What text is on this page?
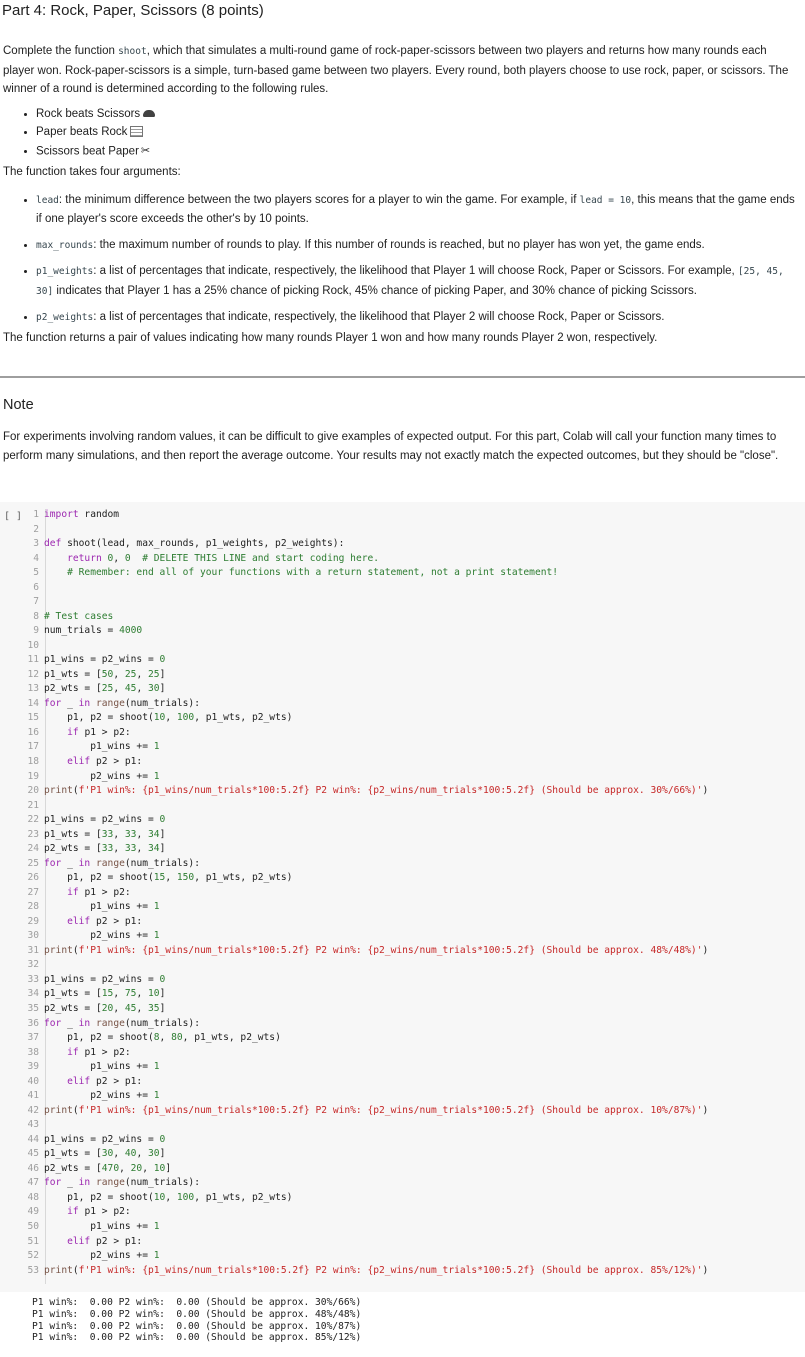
Part 4: Rock, Paper, Scissors (8 points)

Complete the function shoot, which that simulates a multi-round game of rock-paper-scissors between two players and returns how many rounds each player won. Rock-paper-scissors is a simple, turn-based game between two players. Every round, both players choose to use rock, paper, or scissors. The winner of a round is determined according to the following rules.

• Rock beats Scissors
• Paper beats Rock
• Scissors beat Paper ✂

The function takes four arguments:

• lead: the minimum difference between the two players scores for a player to win the game. For example, if lead = 10, this means that the game ends if one player's score exceeds the other's by 10 points.
• max_rounds: the maximum number of rounds to play. If this number of rounds is reached, but no player has won yet, the game ends.
• p1_weights: a list of percentages that indicate, respectively, the likelihood that Player 1 will choose Rock, Paper or Scissors. For example, [25, 45, 30] indicates that Player 1 has a 25% chance of picking Rock, 45% chance of picking Paper, and 30% chance of picking Scissors.
• p2_weights: a list of percentages that indicate, respectively, the likelihood that Player 2 will choose Rock, Paper or Scissors.

The function returns a pair of values indicating how many rounds Player 1 won and how many rounds Player 2 won, respectively.

Note

For experiments involving random values, it can be difficult to give examples of expected output. For this part, Colab will call your function many times to perform many simulations, and then report the average outcome. Your results may not exactly match the expected outcomes, but they should be "close".

[ ]	1 import random
2
3 def shoot(lead, max_rounds, p1_weights, p2_weights):
4	return 0, 0 # DELETE THIS LINE and start coding here.
5	# Remember: end all of your functions with a return statement, not a print statement!
6
7
8 # Test cases
9 num_trials = 4000
10
11 p1_wins = p2_wins = 0
12 p1_wts = [50, 25, 25]
13 p2_wts = [25, 45, 30]
14 for _ in range(num_trials):
15    p1, p2 = shoot(10, 100, p1_wts, p2_wts)
16	if p1 > p2:
17        p1_wins += 1
18	elif p2 > p1:
19        p2_wins += 1
20 print(f'P1 win%: {p1_wins/num_trials*100:5.2f} P2 win%: {p2_wins/num_trials*100:5.2f} (Should be approx. 30%/66%)')
21
22 p1_wins = p2_wins = 0
23 p1_wts = [33, 33, 34]
24 p2_wts = [33, 33, 34]
25 for _ in range(num_trials):
26    p1, p2 = shoot(15, 150, p1_wts, p2_wts)
27	if p1 > p2:
28        p1_wins += 1
29	elif p2 > p1:
30        p2_wins += 1
31 print(f'P1 win%: {p1_wins/num_trials*100:5.2f} P2 win%: {p2_wins/num_trials*100:5.2f} (Should be approx. 48%/48%)')
32
33 p1_wins = p2_wins = 0
34 p1_wts = [15, 75, 10]
35 p2_wts = [20, 45, 35]
36 for _ in range(num_trials):
37    p1, p2 = shoot(8, 80, p1_wts, p2_wts)
38	if p1 > p2:
39        p1_wins += 1
40	elif p2 > p1:
41        p2_wins += 1
42 print(f'P1 win%: {p1_wins/num_trials*100:5.2f} P2 win%: {p2_wins/num_trials*100:5.2f} (Should be approx. 10%/87%)')
43
44 p1_wins = p2_wins = 0
45 p1_wts = [30, 40, 30]
46 p2_wts = [470, 20, 10]
47 for _ in range(num_trials):
48    p1, p2 = shoot(10, 100, p1_wts, p2_wts)
49	if p1 > p2:
50        p1_wins += 1
51	elif p2 > p1:
52        p2_wins += 1
53 print(f'P1 win%: {p1_wins/num_trials*100:5.2f} P2 win%: {p2_wins/num_trials*100:5.2f} (Should be approx. 85%/12%)')
P1 win%:  0.00 P2 win%:  0.00 (Should be approx. 30%/66%)
P1 win%:  0.00 P2 win%:  0.00 (Should be approx. 48%/48%)
P1 win%:  0.00 P2 win%:  0.00 (Should be approx. 10%/87%)
P1 win%:  0.00 P2 win%:  0.00 (Should be approx. 85%/12%)
